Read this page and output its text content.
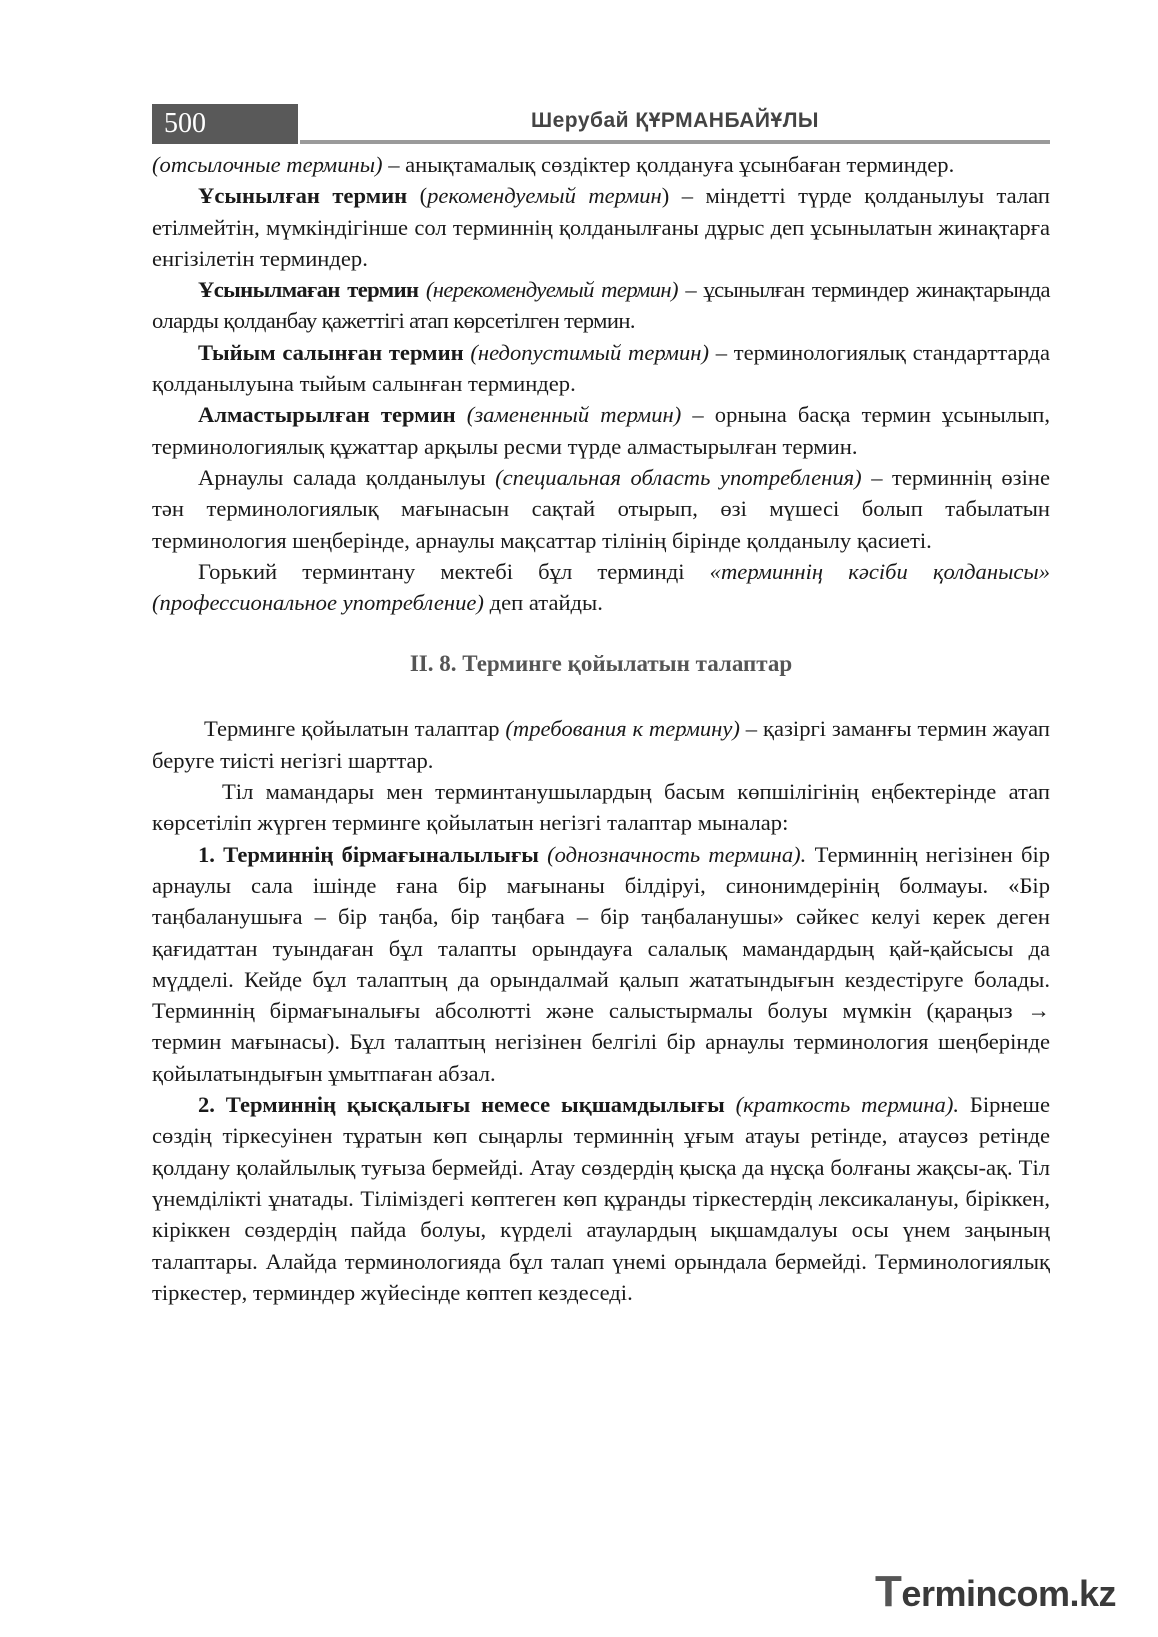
500	Шерубай ҚҰРМАНБАЙҰЛЫ

(отсылочные термины) – анықтамалық сөздіктер қолдануға ұсынбаған терминдер.

Ұсынылған термин (рекомендуемый термин) – міндетті түрде қолданылуы талап етілмейтін, мүмкіндігінше сол терминнің қолданылғаны дұрыс деп ұсынылатын жинақтарға енгізілетін терминдер.

Ұсынылмаған термин (нерекомендуемый термин) – ұсынылған терминдер жинақтарында оларды қолданбау қажеттігі атап көрсетілген термин.

Тыйым салынған термин (недопустимый термин) – терминологиялық стандарттарда қолданылуына тыйым салынған терминдер.

Алмастырылған термин (замененный термин) – орнына басқа термин ұсынылып, терминологиялық құжаттар арқылы ресми түрде алмастырылған термин.

Арнаулы салада қолданылуы (специальная область употребления) – терминнің өзіне тән терминологиялық мағынасын сақтай отырып, өзі мүшесі болып табылатын терминология шеңберінде, арнаулы мақсаттар тілінің бірінде қолданылу қасиеті.

Горький терминтану мектебі бұл терминді «терминнің кәсіби қолданысы» (профессиональное употребление) деп атайды.

II. 8. Терминге қойылатын талаптар

Терминге қойылатын талаптар (требования к термину) – қазіргі заманғы термин жауап беруге тиісті негізгі шарттар.

Тіл мамандары мен терминтанушылардың басым көпшілігінің еңбектерінде атап көрсетіліп жүрген терминге қойылатын негізгі талаптар мыналар:

1. Терминнің бірмағыналылығы (однозначность термина). Терминнің негізінен бір арнаулы сала ішінде ғана бір мағынаны білдіруі, синонимдерінің болмауы. «Бір таңбаланушыға – бір таңба, бір таңбаға – бір таңбаланушы» сәйкес келуі керек деген қағидаттан туындаған бұл талапты орындауға салалық мамандардың қай-қайсысы да мүдделі. Кейде бұл талаптың да орындалмай қалып жататындығын кездестіруге болады. Терминнің бірмағыналығы абсолютті және салыстырмалы болуы мүмкін (қараңыз → термин мағынасы). Бұл талаптың негізінен белгілі бір арнаулы терминология шеңберінде қойылатындығын ұмытпаған абзал.

2. Терминнің қысқалығы немесе ықшамдылығы (краткость термина). Бірнеше сөздің тіркесуінен тұратын көп сыңарлы терминнің ұғым атауы ретінде, атаусөз ретінде қолдану қолайлылық туғыза бермейді. Атау сөздердің қысқа да нұсқа болғаны жақсы-ақ. Тіл үнемділікті ұнатады. Тіліміздегі көптеген көп құранды тіркестердің лексикалануы, біріккен, кіріккен сөздердің пайда болуы, күрделі атаулардың ықшамдалуы осы үнем заңының талаптары. Алайда терминологияда бұл талап үнемі орындала бермейді. Терминологиялық тіркестер, терминдер жүйесінде көптеп кездеседі.

Termincom.kz
